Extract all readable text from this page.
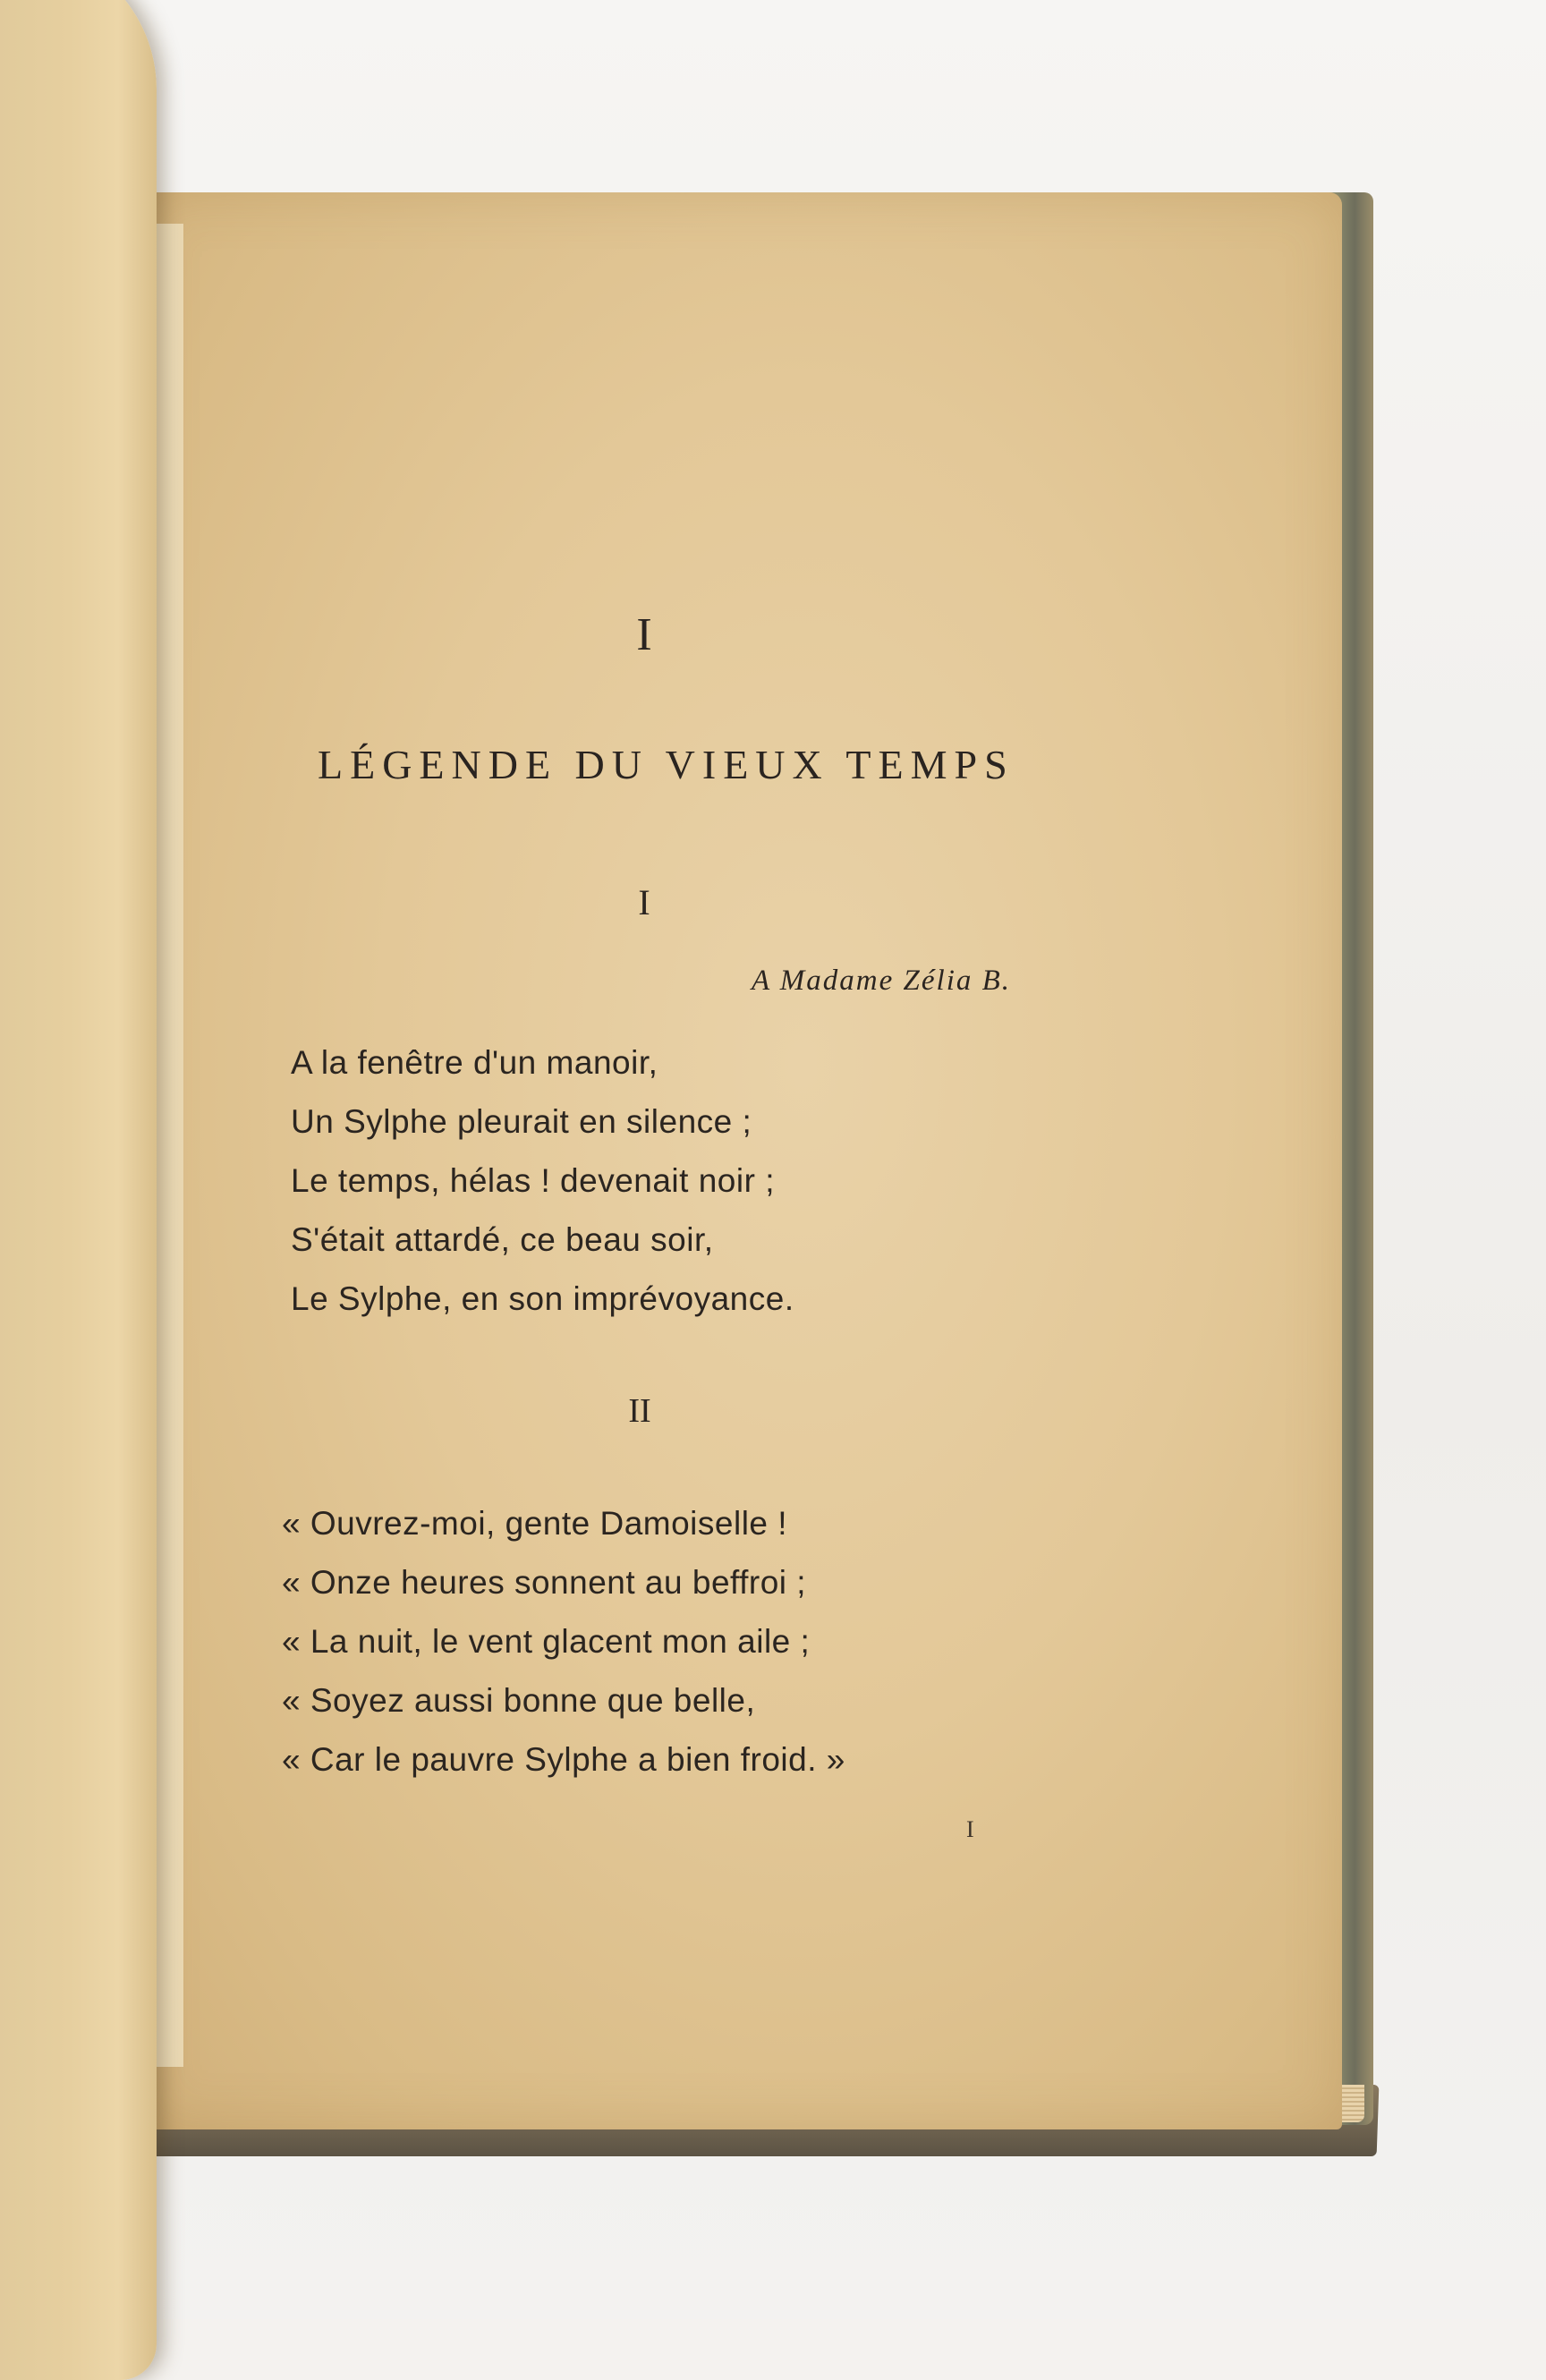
I
LÉGENDE DU VIEUX TEMPS
I
A Madame Zélia B.
A la fenêtre d'un manoir,
Un Sylphe pleurait en silence ;
Le temps, hélas ! devenait noir ;
S'était attardé, ce beau soir,
Le Sylphe, en son imprévoyance.
II
« Ouvrez-moi, gente Damoiselle !
« Onze heures sonnent au beffroi ;
« La nuit, le vent glacent mon aile ;
« Soyez aussi bonne que belle,
« Car le pauvre Sylphe a bien froid. »
I
